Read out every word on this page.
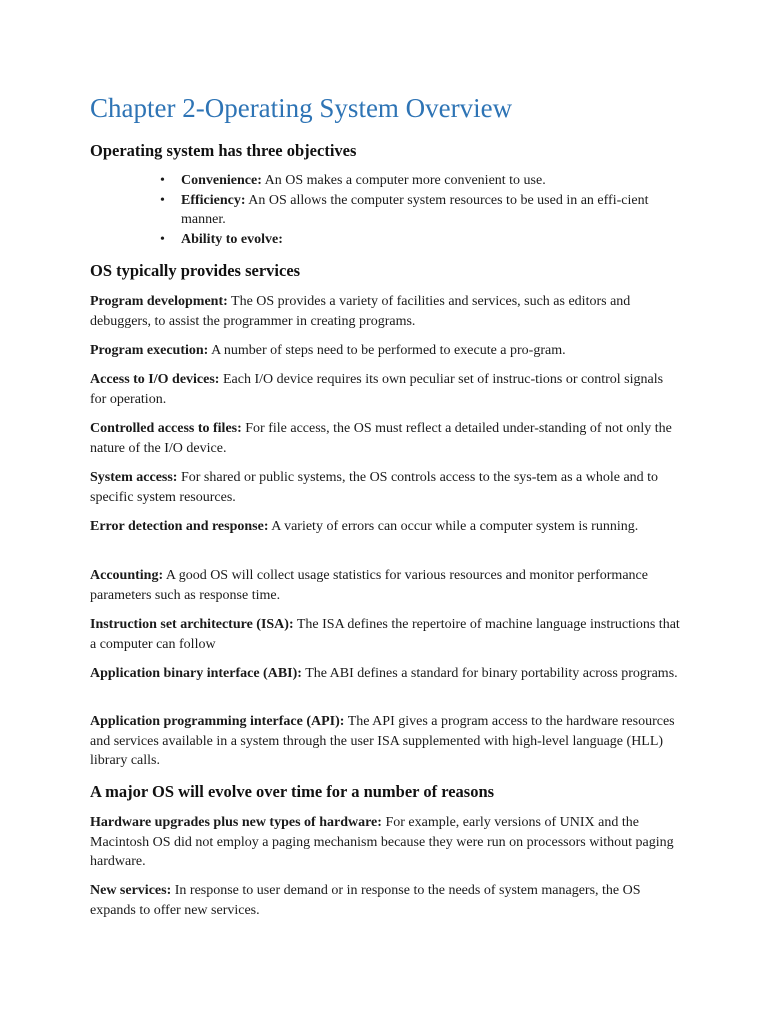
Chapter 2-Operating System Overview
Operating system has three objectives
• Convenience: An OS makes a computer more convenient to use.
• Efficiency: An OS allows the computer system resources to be used in an effi-cient manner.
• Ability to evolve:
OS typically provides services

Program development: The OS provides a variety of facilities and services, such as editors and debuggers, to assist the programmer in creating programs.

Program execution: A number of steps need to be performed to execute a pro-gram.

Access to I/O devices: Each I/O device requires its own peculiar set of instruc-tions or control signals for operation.

Controlled access to files: For file access, the OS must reflect a detailed under-standing of not only the nature of the I/O device.

System access: For shared or public systems, the OS controls access to the sys-tem as a whole and to specific system resources.

Error detection and response: A variety of errors can occur while a computer system is running.

Accounting: A good OS will collect usage statistics for various resources and monitor performance parameters such as response time.

Instruction set architecture (ISA): The ISA defines the repertoire of machine language instructions that a computer can follow

Application binary interface (ABI): The ABI defines a standard for binary portability across programs.

Application programming interface (API): The API gives a program access to the hardware resources and services available in a system through the user ISA supplemented with high-level language (HLL) library calls.

A major OS will evolve over time for a number of reasons

Hardware upgrades plus new types of hardware: For example, early versions of UNIX and the Macintosh OS did not employ a paging mechanism because they were run on processors without paging hardware.

New services: In response to user demand or in response to the needs of system managers, the OS expands to offer new services.
